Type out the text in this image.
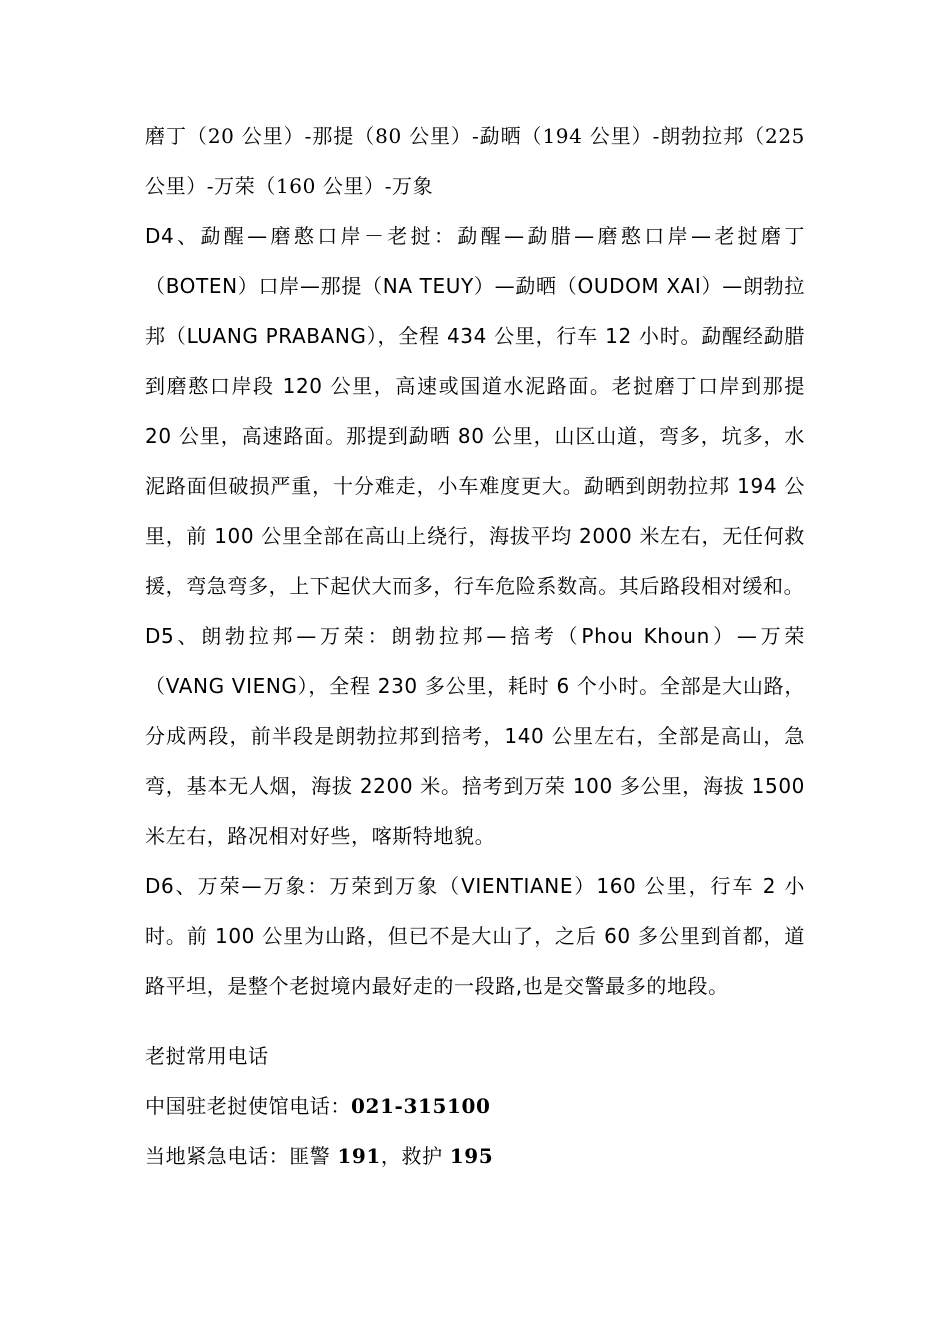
磨丁（20 公里）-那提（80 公里）-勐晒（194 公里）-朗勃拉邦（225 公里）-万荣（160 公里）-万象

D4、勐醒—磨憨口岸－老挝：勐醒—勐腊—磨憨口岸—老挝磨丁（BOTEN）口岸—那提（NA TEUY）—勐晒（OUDOM XAI）—朗勃拉邦（LUANG PRABANG），全程 434 公里，行车 12 小时。勐醒经勐腊到磨憨口岸段 120 公里，高速或国道水泥路面。老挝磨丁口岸到那提 20 公里，高速路面。那提到勐晒 80 公里，山区山道，弯多，坑多，水泥路面但破损严重，十分难走，小车难度更大。勐晒到朗勃拉邦 194 公里，前 100 公里全部在高山上绕行，海拔平均 2000 米左右，无任何救援，弯急弯多，上下起伏大而多，行车危险系数高。其后路段相对缓和。

D5、朗勃拉邦—万荣：朗勃拉邦—掊考（Phou Khoun）—万荣（VANG VIENG），全程 230 多公里，耗时 6 个小时。全部是大山路，分成两段，前半段是朗勃拉邦到掊考，140 公里左右，全部是高山，急弯，基本无人烟，海拔 2200 米。掊考到万荣 100 多公里，海拔 1500 米左右，路况相对好些，喀斯特地貌。

D6、万荣—万象：万荣到万象（VIENTIANE）160 公里，行车 2 小时。前 100 公里为山路，但已不是大山了，之后 60 多公里到首都，道路平坦，是整个老挝境内最好走的一段路,也是交警最多的地段。

老挝常用电话

中国驻老挝使馆电话：021-315100

当地紧急电话：匪警 191，救护 195
